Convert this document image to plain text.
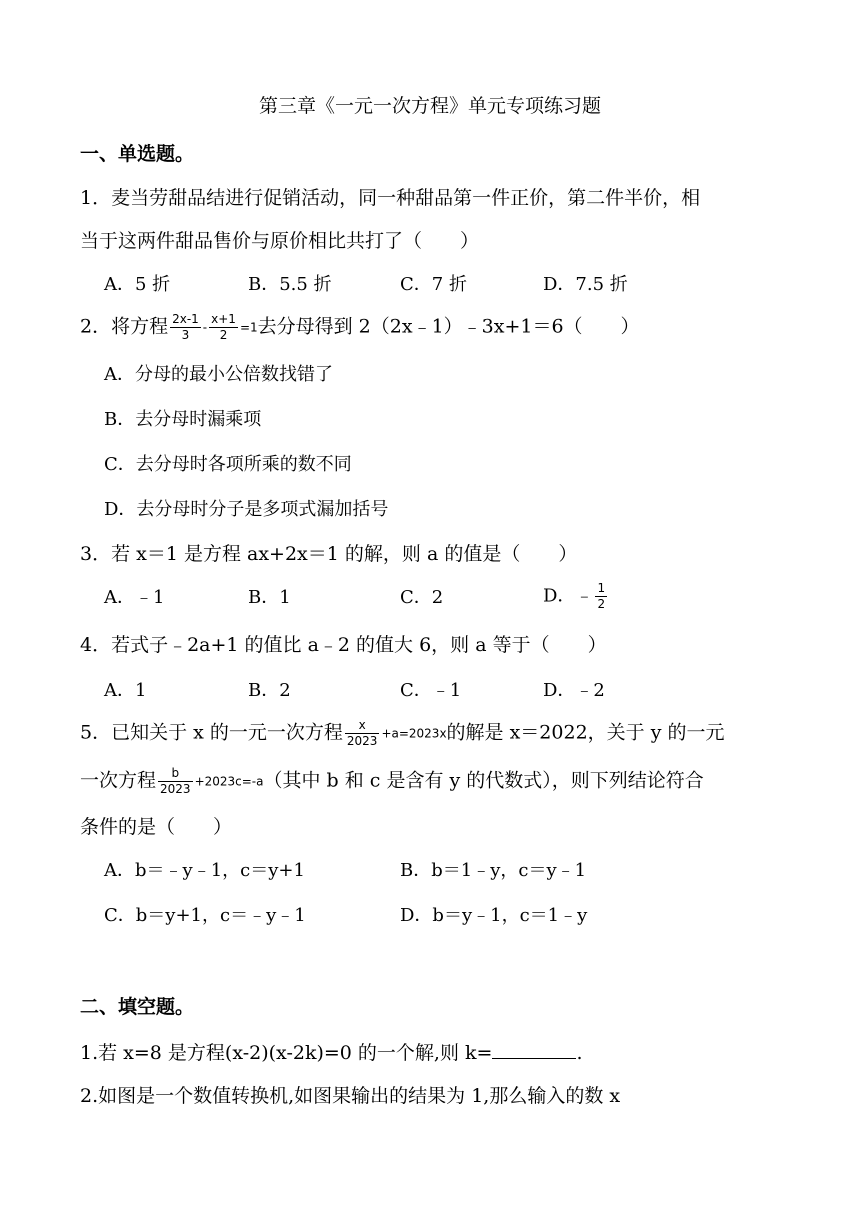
第三章《一元一次方程》单元专项练习题
一、单选题。
1．麦当劳甜品结进行促销活动，同一种甜品第一件正价，第二件半价，相
当于这两件甜品售价与原价相比共打了（　　）
A．5 折	B．5.5 折	C．7 折	D．7.5 折
2．将方程 $\frac{2x-1}{3} - \frac{x+1}{2} =1$去分母得到 2（2x﹣1）﹣3x+1＝6（　　）
A．分母的最小公倍数找错了
B．去分母时漏乘项
C．去分母时各项所乘的数不同
D．去分母时分子是多项式漏加括号
3．若 x＝1 是方程 ax+2x＝1 的解，则 a 的值是（　　）
A．﹣1	B．1	C．2	D．﹣ $\frac{1}{2}$
4．若式子﹣2a+1 的值比 a﹣2 的值大 6，则 a 等于（　　）
A．1	B．2	C．﹣1	D．﹣2
5．已知关于 x 的一元一次方程 $\frac{x}{2023} +a=2023x$的解是 x＝2022，关于 y 的一元
一次方程 $\frac{b}{2023} +2023c=-a$（其中 b 和 c 是含有 y 的代数式），则下列结论符合
条件的是（　　）
A．b＝﹣y﹣1，c＝y+1	B．b＝1﹣y，c＝y﹣1
C．b＝y+1，c＝﹣y﹣1	D．b＝y﹣1，c＝1﹣y
二、填空题。
1.若 x=8 是方程(x-2)(x-2k)=0 的一个解,则 k=	.
2.如图是一个数值转换机,如图果输出的结果为 1,那么输入的数 x
